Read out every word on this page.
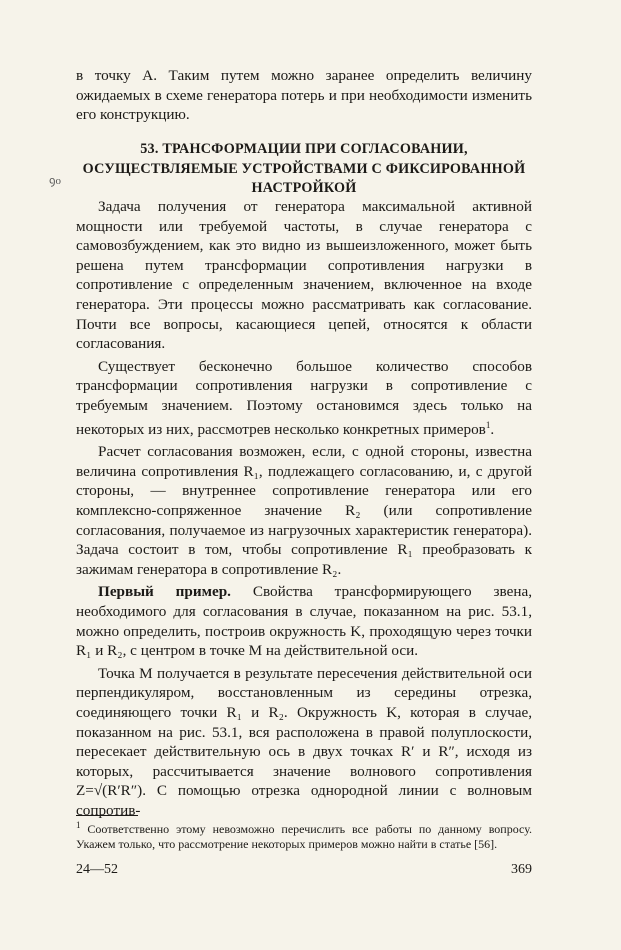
в точку А. Таким путем можно заранее определить величину ожидаемых в схеме генератора потерь и при необходимости изменить его конструкцию.

ꝯo
53. ТРАНСФОРМАЦИИ ПРИ СОГЛАСОВАНИИ,
ОСУЩЕСТВЛЯЕМЫЕ УСТРОЙСТВАМИ С ФИКСИРОВАННОЙ
НАСТРОЙКОЙ

Задача получения от генератора максимальной активной мощности или требуемой частоты, в случае генератора с самовозбуждением, как это видно из вышеизложенного, может быть решена путем трансформации сопротивления нагрузки в сопротивление с определенным значением, включенное на входе генератора. Эти процессы можно рассматривать как согласование. Почти все вопросы, касающиеся цепей, относятся к области согласования.

Существует бесконечно большое количество способов трансформации сопротивления нагрузки в сопротивление с требуемым значением. Поэтому остановимся здесь только на некоторых из них, рассмотрев несколько конкретных примеров$^1$.

Расчет согласования возможен, если, с одной стороны, известна величина сопротивления R₁, подлежащего согласованию, и, с другой стороны, — внутреннее сопротивление генератора или его комплексно-сопряженное значение R₂ (или сопротивление согласования, получаемое из нагрузочных характеристик генератора). Задача состоит в том, чтобы сопротивление R₁ преобразовать к зажимам генератора в сопротивление R₂.

Первый пример. Свойства трансформирующего звена, необходимого для согласования в случае, показанном на рис. 53.1, можно определить, построив окружность K, проходящую через точки R₁ и R₂, с центром в точке M на действительной оси.

Точка M получается в результате пересечения действительной оси перпендикуляром, восстановленным из середины отрезка, соединяющего точки R₁ и R₂. Окружность K, которая в случае, показанном на рис. 53.1, вся расположена в правой полуплоскости, пересекает действительную ось в двух точках R′ и R″, исходя из которых, рассчитывается значение волнового сопротивления Z=√(R′R″). С помощью отрезка однородной линии с волновым сопротив-

$^1$ Соответственно этому невозможно перечислить все работы по данному вопросу. Укажем только, что рассмотрение некоторых примеров можно найти в статье [56].
24—52	369
